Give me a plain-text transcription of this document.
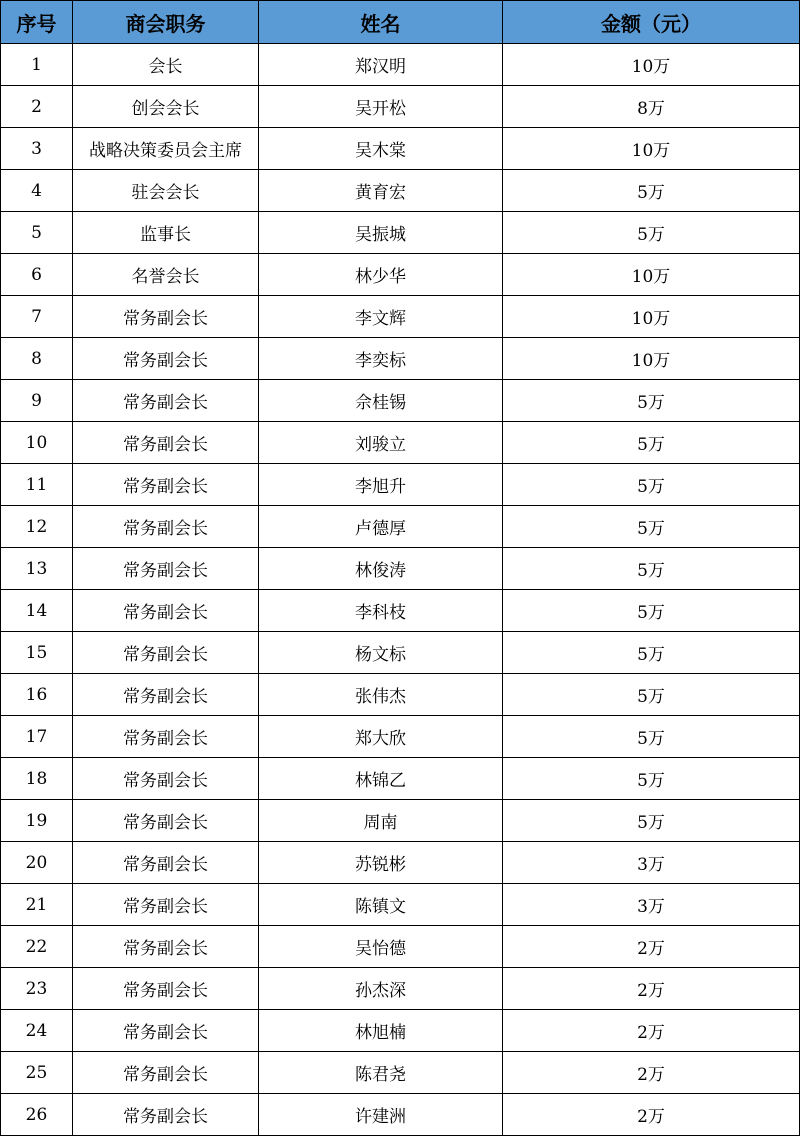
序号	商会职务	姓名	金额（元）
1	会长	郑汉明	10万
2	创会会长	吴开松	8万
3	战略决策委员会主席	吴木棠	10万
4	驻会会长	黄育宏	5万
5	监事长	吴振城	5万
6	名誉会长	林少华	10万
7	常务副会长	李文辉	10万
8	常务副会长	李奕标	10万
9	常务副会长	佘桂锡	5万
10	常务副会长	刘骏立	5万
11	常务副会长	李旭升	5万
12	常务副会长	卢德厚	5万
13	常务副会长	林俊涛	5万
14	常务副会长	李科枝	5万
15	常务副会长	杨文标	5万
16	常务副会长	张伟杰	5万
17	常务副会长	郑大欣	5万
18	常务副会长	林锦乙	5万
19	常务副会长	周南	5万
20	常务副会长	苏锐彬	3万
21	常务副会长	陈镇文	3万
22	常务副会长	吴怡德	2万
23	常务副会长	孙杰深	2万
24	常务副会长	林旭楠	2万
25	常务副会长	陈君尧	2万
26	常务副会长	许建洲	2万
